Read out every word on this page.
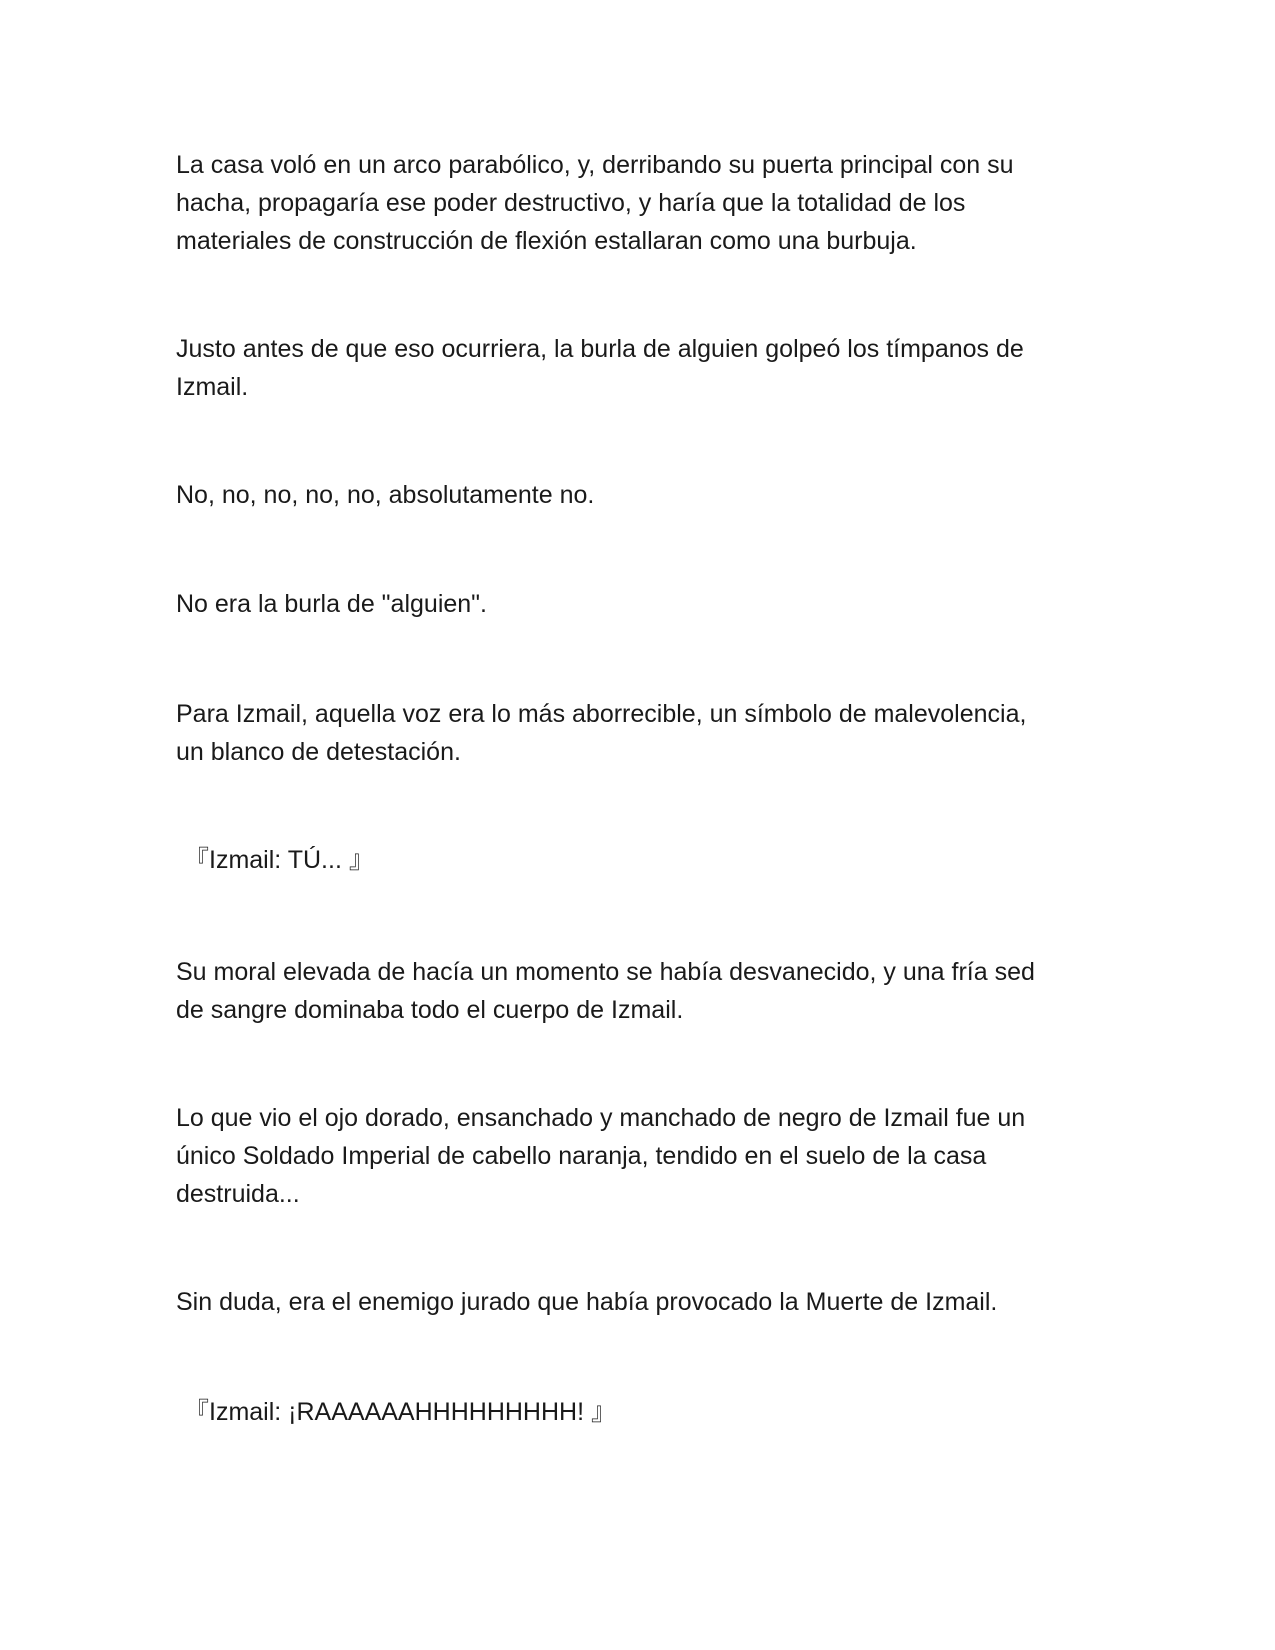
La casa voló en un arco parabólico, y, derribando su puerta principal con su
hacha, propagaría ese poder destructivo, y haría que la totalidad de los
materiales de construcción de flexión estallaran como una burbuja.

Justo antes de que eso ocurriera, la burla de alguien golpeó los tímpanos de
Izmail.

No, no, no, no, no, absolutamente no.

No era la burla de "alguien".

Para Izmail, aquella voz era lo más aborrecible, un símbolo de malevolencia,
un blanco de detestación.

『Izmail: TÚ... 』

Su moral elevada de hacía un momento se había desvanecido, y una fría sed
de sangre dominaba todo el cuerpo de Izmail.

Lo que vio el ojo dorado, ensanchado y manchado de negro de Izmail fue un
único Soldado Imperial de cabello naranja, tendido en el suelo de la casa
destruida...

Sin duda, era el enemigo jurado que había provocado la Muerte de Izmail.

『Izmail: ¡RAAAAAAHHHHHHHHH! 』
